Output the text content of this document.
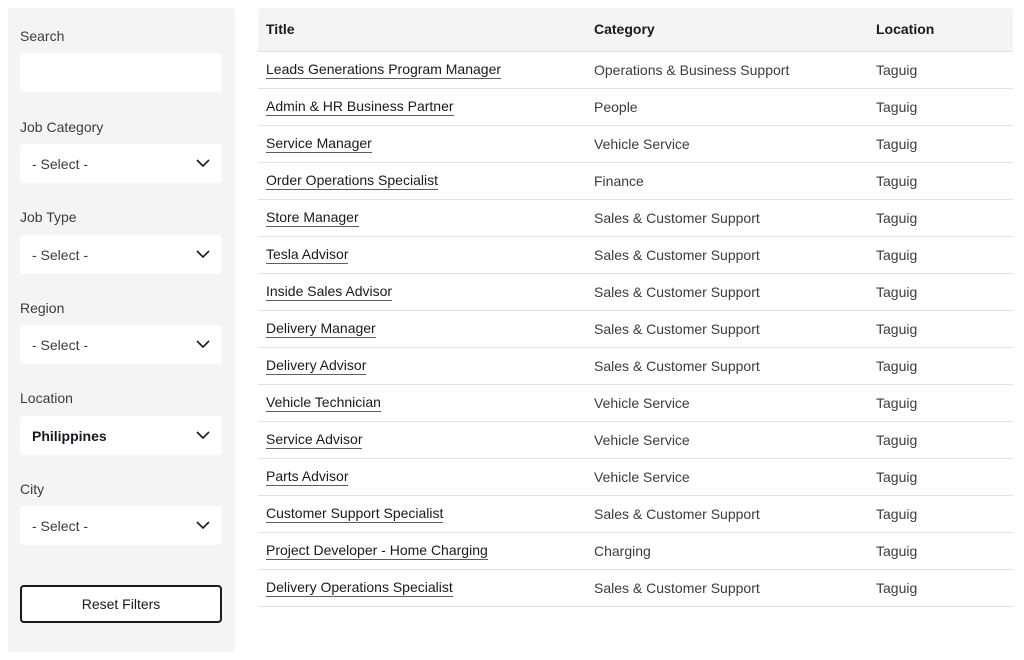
Search
Job Category
- Select -
Job Type
- Select -
Region
- Select -
Location
Philippines
City
- Select -
Reset Filters
Title	Category	Location
Leads Generations Program Manager	Operations & Business Support	Taguig
Admin & HR Business Partner	People	Taguig
Service Manager	Vehicle Service	Taguig
Order Operations Specialist	Finance	Taguig
Store Manager	Sales & Customer Support	Taguig
Tesla Advisor	Sales & Customer Support	Taguig
Inside Sales Advisor	Sales & Customer Support	Taguig
Delivery Manager	Sales & Customer Support	Taguig
Delivery Advisor	Sales & Customer Support	Taguig
Vehicle Technician	Vehicle Service	Taguig
Service Advisor	Vehicle Service	Taguig
Parts Advisor	Vehicle Service	Taguig
Customer Support Specialist	Sales & Customer Support	Taguig
Project Developer - Home Charging	Charging	Taguig
Delivery Operations Specialist	Sales & Customer Support	Taguig
